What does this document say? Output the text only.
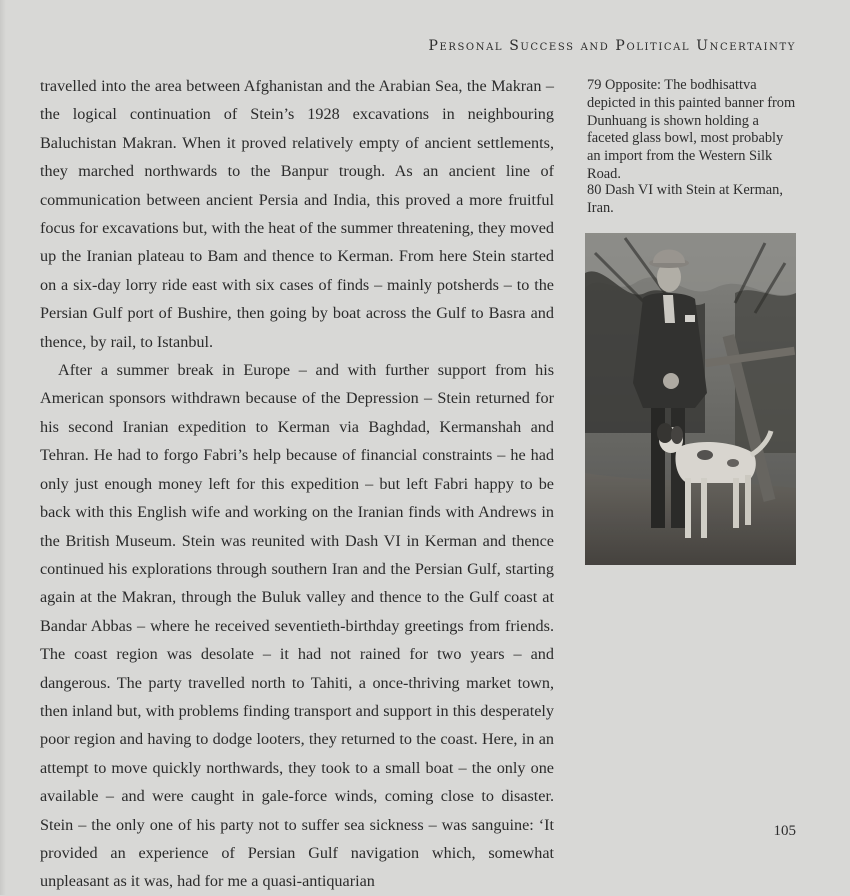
Personal Success and Political Uncertainty

travelled into the area between Afghanistan and the Arabian Sea, the Makran – the logical continuation of Stein’s 1928 excavations in neighbouring Baluchistan Makran. When it proved relatively empty of ancient settlements, they marched northwards to the Banpur trough. As an ancient line of communication between ancient Persia and India, this proved a more fruitful focus for excavations but, with the heat of the summer threatening, they moved up the Iranian plateau to Bam and thence to Kerman. From here Stein started on a six-day lorry ride east with six cases of finds – mainly potsherds – to the Persian Gulf port of Bushire, then going by boat across the Gulf to Basra and thence, by rail, to Istanbul.

After a summer break in Europe – and with further support from his American sponsors withdrawn because of the Depression – Stein returned for his second Iranian expedition to Kerman via Baghdad, Kermanshah and Tehran. He had to forgo Fabri’s help because of financial constraints – he had only just enough money left for this expedition – but left Fabri happy to be back with this English wife and working on the Iranian finds with Andrews in the British Museum. Stein was reunited with Dash VI in Kerman and thence continued his explorations through southern Iran and the Persian Gulf, starting again at the Makran, through the Buluk valley and thence to the Gulf coast at Bandar Abbas – where he received seventieth-birthday greetings from friends. The coast region was desolate – it had not rained for two years – and dangerous. The party travelled north to Tahiti, a once-thriving market town, then inland but, with problems finding transport and support in this desperately poor region and having to dodge looters, they returned to the coast. Here, in an attempt to move quickly northwards, they took to a small boat – the only one available – and were caught in gale-force winds, coming close to disaster. Stein – the only one of his party not to suffer sea sickness – was sanguine: ‘It provided an experience of Persian Gulf navigation which, somewhat unpleasant as it was, had for me a quasi-antiquarian

79 Opposite: The bodhisattva depicted in this painted banner from Dunhuang is shown holding a faceted glass bowl, most probably an import from the Western Silk Road.
80 Dash VI with Stein at Kerman, Iran.
105
